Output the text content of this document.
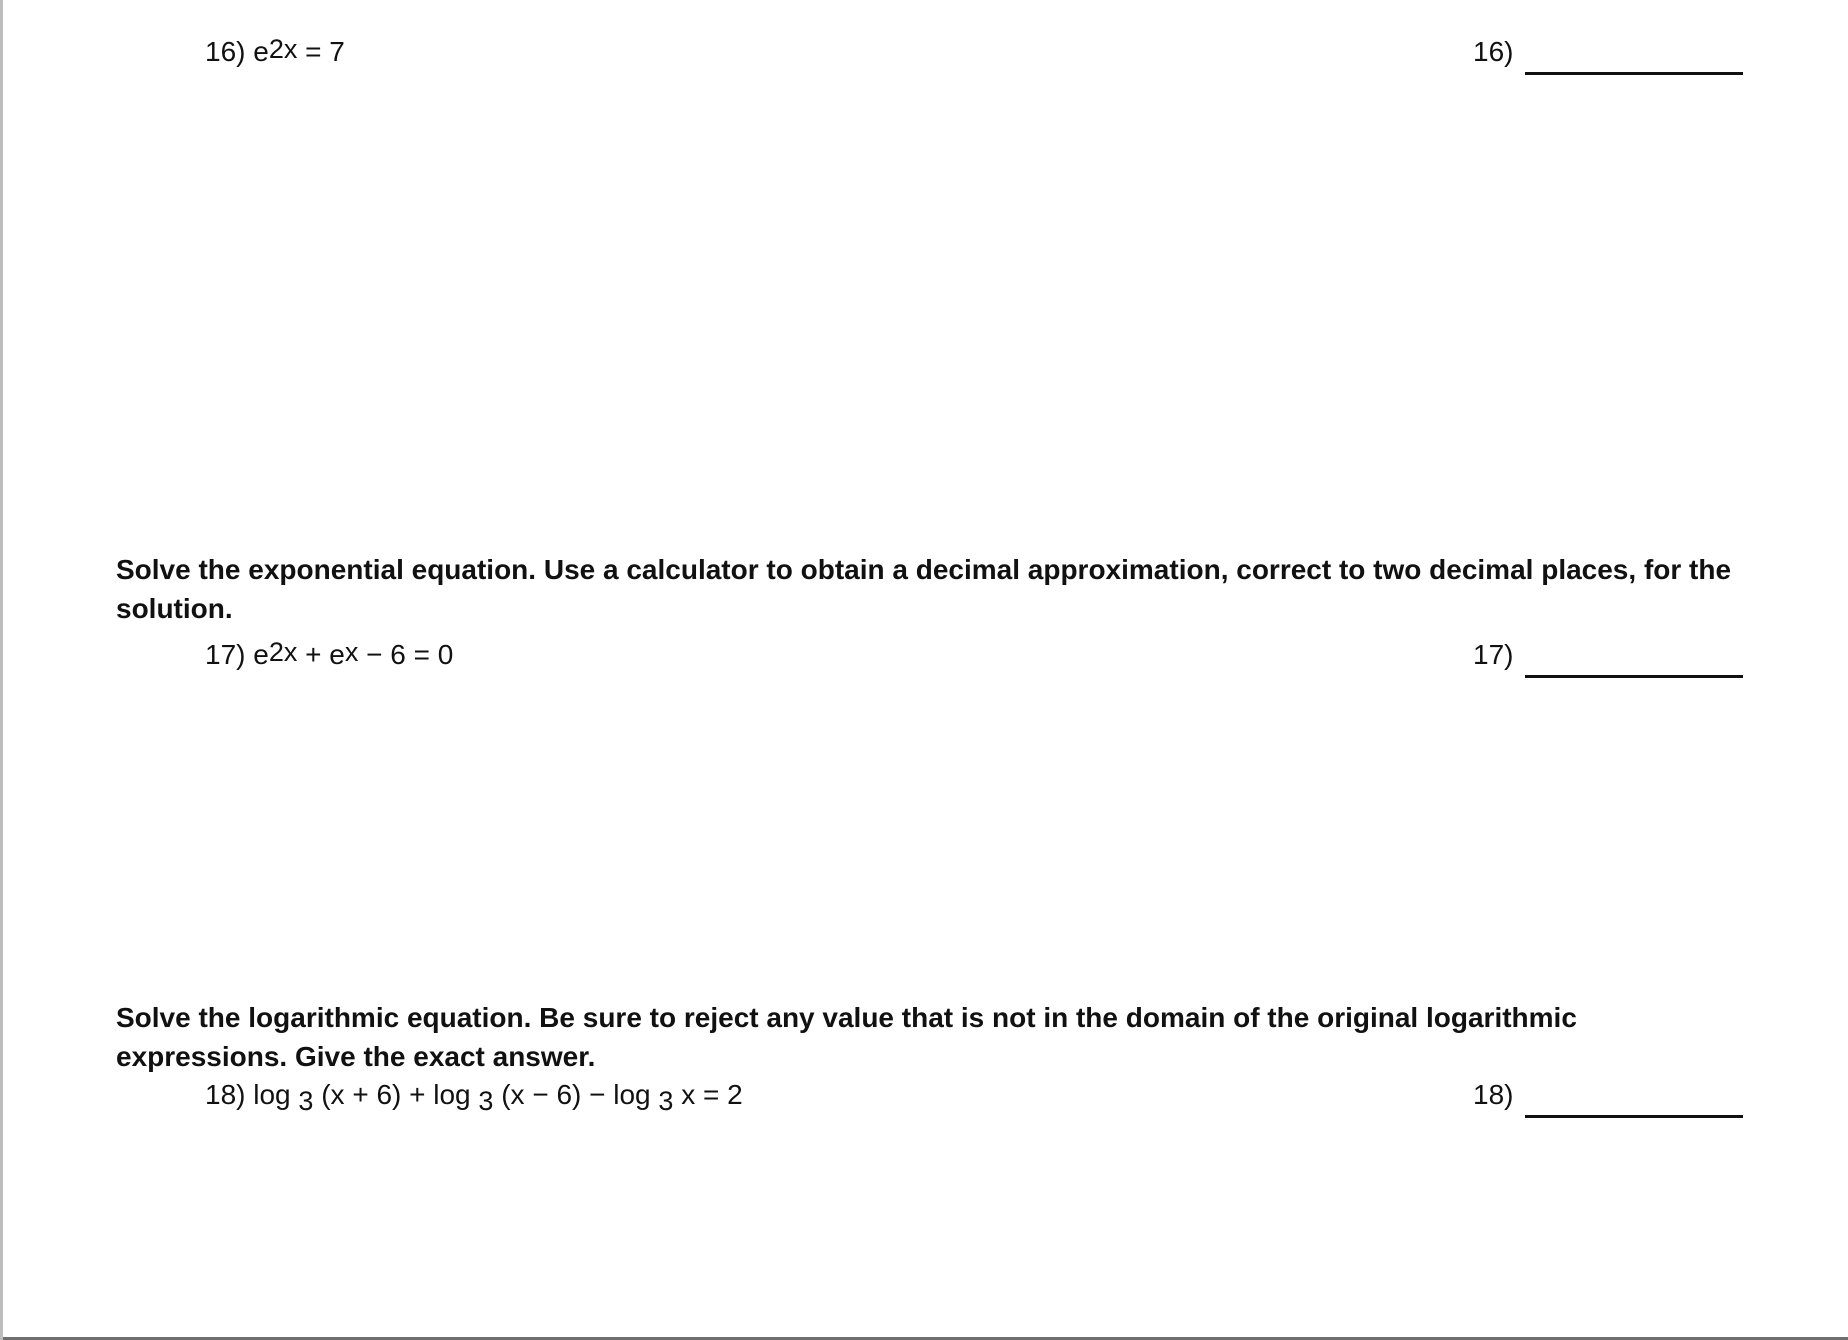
16) $e^{2x} = 7$	16)
Solve the exponential equation. Use a calculator to obtain a decimal approximation, correct to two decimal places, for the solution.
17) $e^{2x} + e^x - 6 = 0$	17)
Solve the logarithmic equation. Be sure to reject any value that is not in the domain of the original logarithmic expressions. Give the exact answer.
18) log $_3$ (x + 6) + log $_3$ (x − 6) − log $_3$ x = 2	18)
